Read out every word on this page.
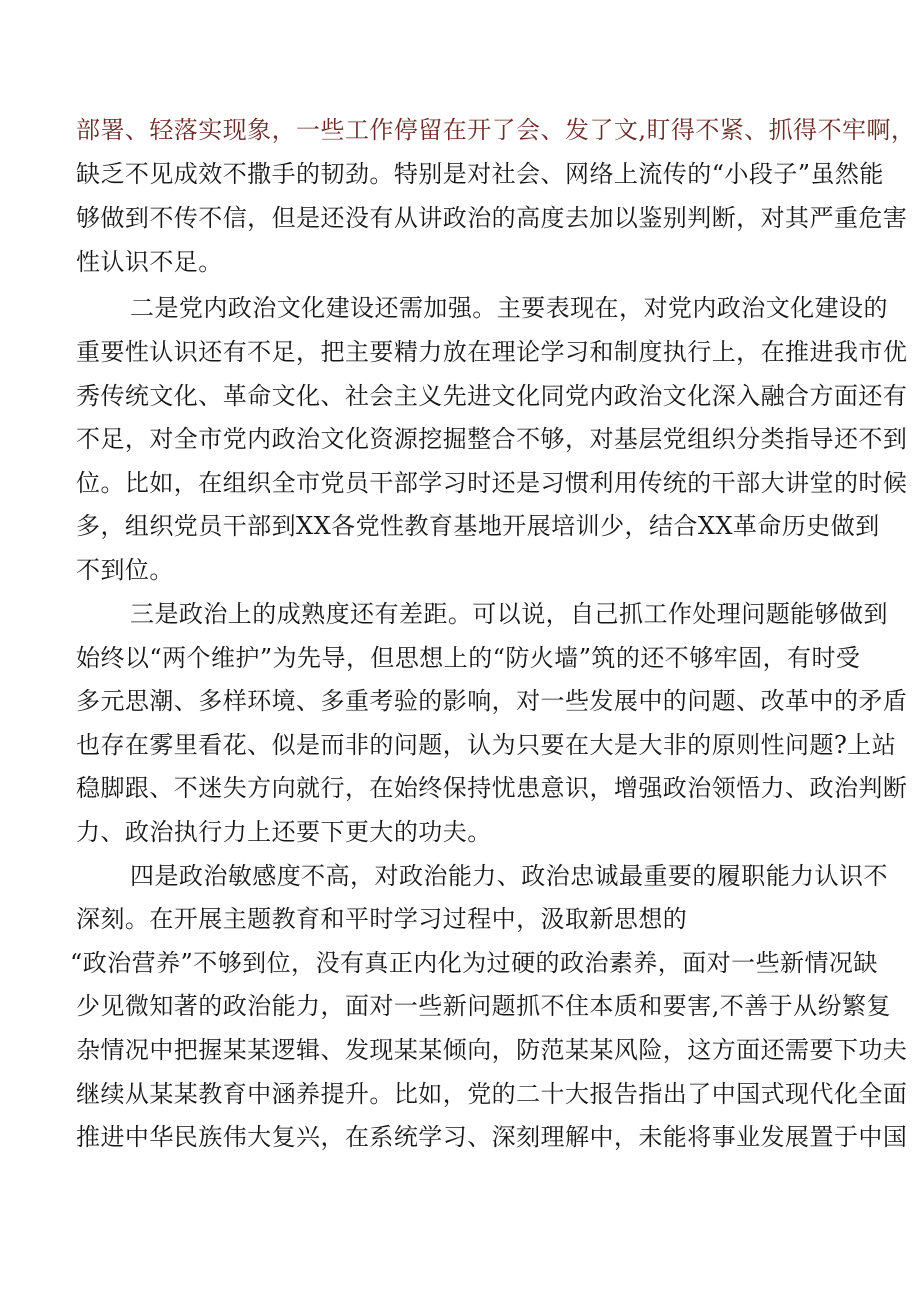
部署、轻落实现象，一些工作停留在开了会、发了文,盯得不紧、抓得不牢啊，
缺乏不见成效不撒手的韧劲。特别是对社会、网络上流传的“小段子”虽然能
够做到不传不信，但是还没有从讲政治的高度去加以鉴别判断，对其严重危害
性认识不足。
二是党内政治文化建设还需加强。主要表现在，对党内政治文化建设的
重要性认识还有不足，把主要精力放在理论学习和制度执行上，在推进我市优
秀传统文化、革命文化、社会主义先进文化同党内政治文化深入融合方面还有
不足，对全市党内政治文化资源挖掘整合不够，对基层党组织分类指导还不到
位。比如，在组织全市党员干部学习时还是习惯利用传统的干部大讲堂的时候
多，组织党员干部到XX各党性教育基地开展培训少，结合XX革命历史做到
不到位。
三是政治上的成熟度还有差距。可以说，自己抓工作处理问题能够做到
始终以“两个维护”为先导，但思想上的“防火墙”筑的还不够牢固，有时受
多元思潮、多样环境、多重考验的影响，对一些发展中的问题、改革中的矛盾
也存在雾里看花、似是而非的问题，认为只要在大是大非的原则性问题?上站
稳脚跟、不迷失方向就行，在始终保持忧患意识，增强政治领悟力、政治判断
力、政治执行力上还要下更大的功夫。
四是政治敏感度不高，对政治能力、政治忠诚最重要的履职能力认识不
深刻。在开展主题教育和平时学习过程中，汲取新思想的
“政治营养”不够到位，没有真正内化为过硬的政治素养，面对一些新情况缺
少见微知著的政治能力，面对一些新问题抓不住本质和要害,不善于从纷繁复
杂情况中把握某某逻辑、发现某某倾向，防范某某风险，这方面还需要下功夫
继续从某某教育中涵养提升。比如，党的二十大报告指出了中国式现代化全面
推进中华民族伟大复兴，在系统学习、深刻理解中，未能将事业发展置于中国
